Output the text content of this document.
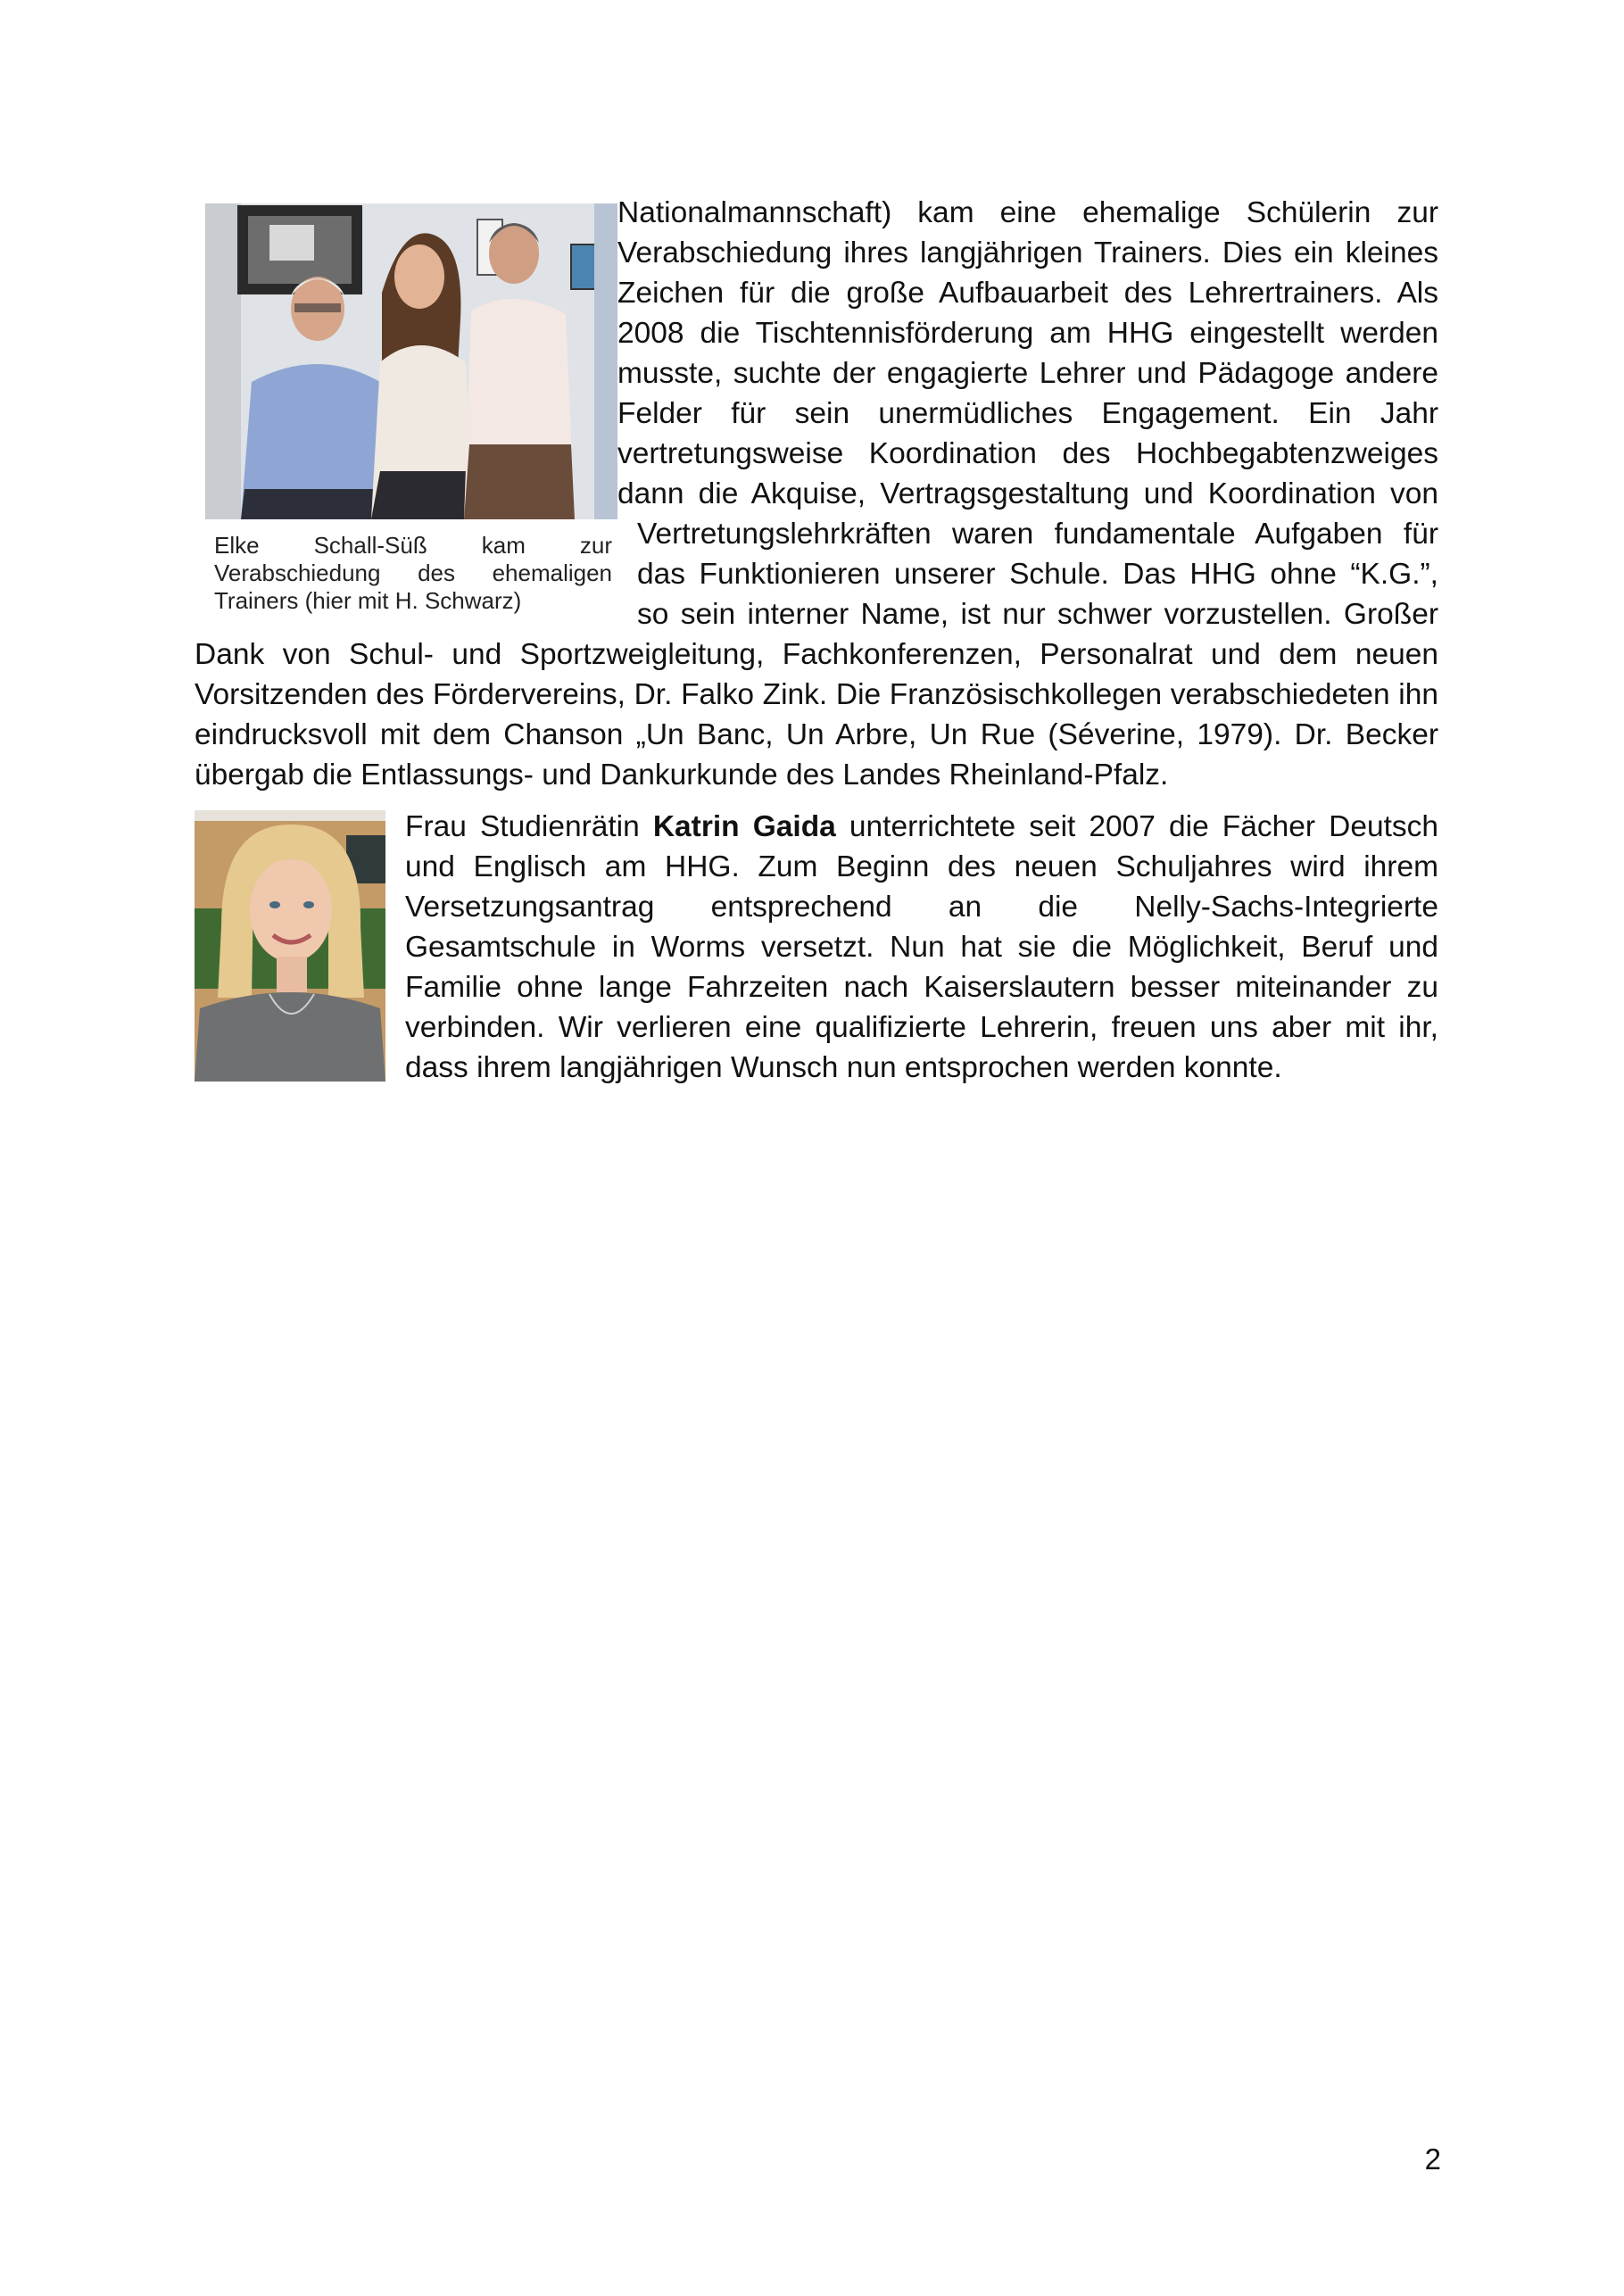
Elke Schall-Süß kam zur Verabschiedung des ehemaligen Trainers (hier mit H. Schwarz)
Nationalmannschaft) kam eine ehemalige Schülerin zur Verabschiedung ihres langjährigen Trainers. Dies ein kleines Zeichen für die große Aufbauarbeit des Lehrertrainers. Als 2008 die Tischtennisförderung am HHG eingestellt werden musste, suchte der engagierte Lehrer und Pädagoge andere Felder für sein unermüdliches Engagement. Ein Jahr vertretungsweise Koordination des Hochbegabtenzweiges dann die Akquise, Vertragsgestaltung und Koordination von Vertretungslehrkräften waren fundamentale Aufgaben für das Funktionieren unserer Schule. Das HHG ohne “K.G.”, so sein interner Name, ist nur schwer vorzustellen. Großer Dank von Schul- und Sportzweigleitung, Fachkonferenzen, Personalrat und dem neuen Vorsitzenden des Fördervereins, Dr. Falko Zink. Die Französischkollegen verabschiedeten ihn eindrucksvoll mit dem Chanson „Un Banc, Un Arbre, Un Rue (Séverine, 1979). Dr. Becker übergab die Entlassungs- und Dankurkunde des Landes Rheinland-Pfalz.
Frau Studienrätin Katrin Gaida unterrichtete seit 2007 die Fächer Deutsch und Englisch am HHG. Zum Beginn des neuen Schuljahres wird ihrem Versetzungsantrag entsprechend an die Nelly-Sachs-Integrierte Gesamtschule in Worms versetzt. Nun hat sie die Möglichkeit, Beruf und Familie ohne lange Fahrzeiten nach Kaiserslautern besser miteinander zu verbinden. Wir verlieren eine qualifizierte Lehrerin, freuen uns aber mit ihr, dass ihrem langjährigen Wunsch nun entsprochen werden konnte.
2
